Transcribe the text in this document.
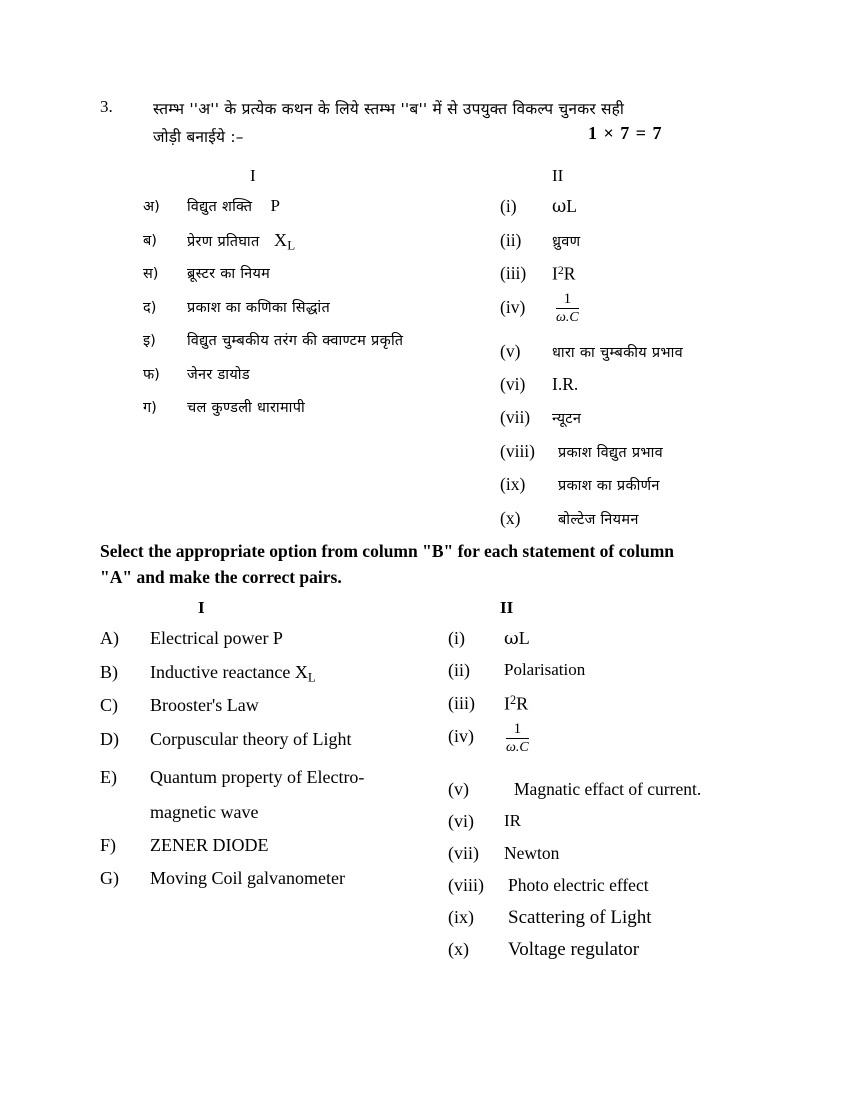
3.	स्तम्भ ''अ'' के प्रत्येक कथन के लिये स्तम्भ ''ब'' में से उपयुक्त विकल्प चुनकर सही
जोड़ी बनाईये :–	1 × 7 = 7
I	II
अ)	विद्युत शक्ति P
ब)	प्रेरण प्रतिघात $X_L$
स)	ब्रूस्टर का नियम
द)	प्रकाश का कणिका सिद्धांत
इ)	विद्युत चुम्बकीय तरंग की क्वाण्टम प्रकृति
फ)	जेनर डायोड
ग)	चल कुण्डली धारामापी
(i)	ωL
(ii)	ध्रुवण
(iii)	$I^2R$
(iv)	$\frac{1}{\omega.C}$
(v)	धारा का चुम्बकीय प्रभाव
(vi)	I.R.
(vii)	न्यूटन
(viii)	प्रकाश विद्युत प्रभाव
(ix)	प्रकाश का प्रकीर्णन
(x)	बोल्टेज नियमन
Select the appropriate option from column "B" for each statement of column
"A" and make the correct pairs.
I	II
A)	Electrical power P
B)	Inductive reactance $X_L$
C)	Brooster's Law
D)	Corpuscular theory of Light
E)	Quantum property of Electro-
magnetic wave
F)	ZENER DIODE
G)	Moving Coil galvanometer
(i)	ωL
(ii)	Polarisation
(iii)	$I^2R$
(iv)	$\frac{1}{\omega.C}$
(v)	Magnatic effact of current.
(vi)	IR
(vii)	Newton
(viii)	Photo electric effect
(ix)	Scattering of Light
(x)	Voltage regulator
